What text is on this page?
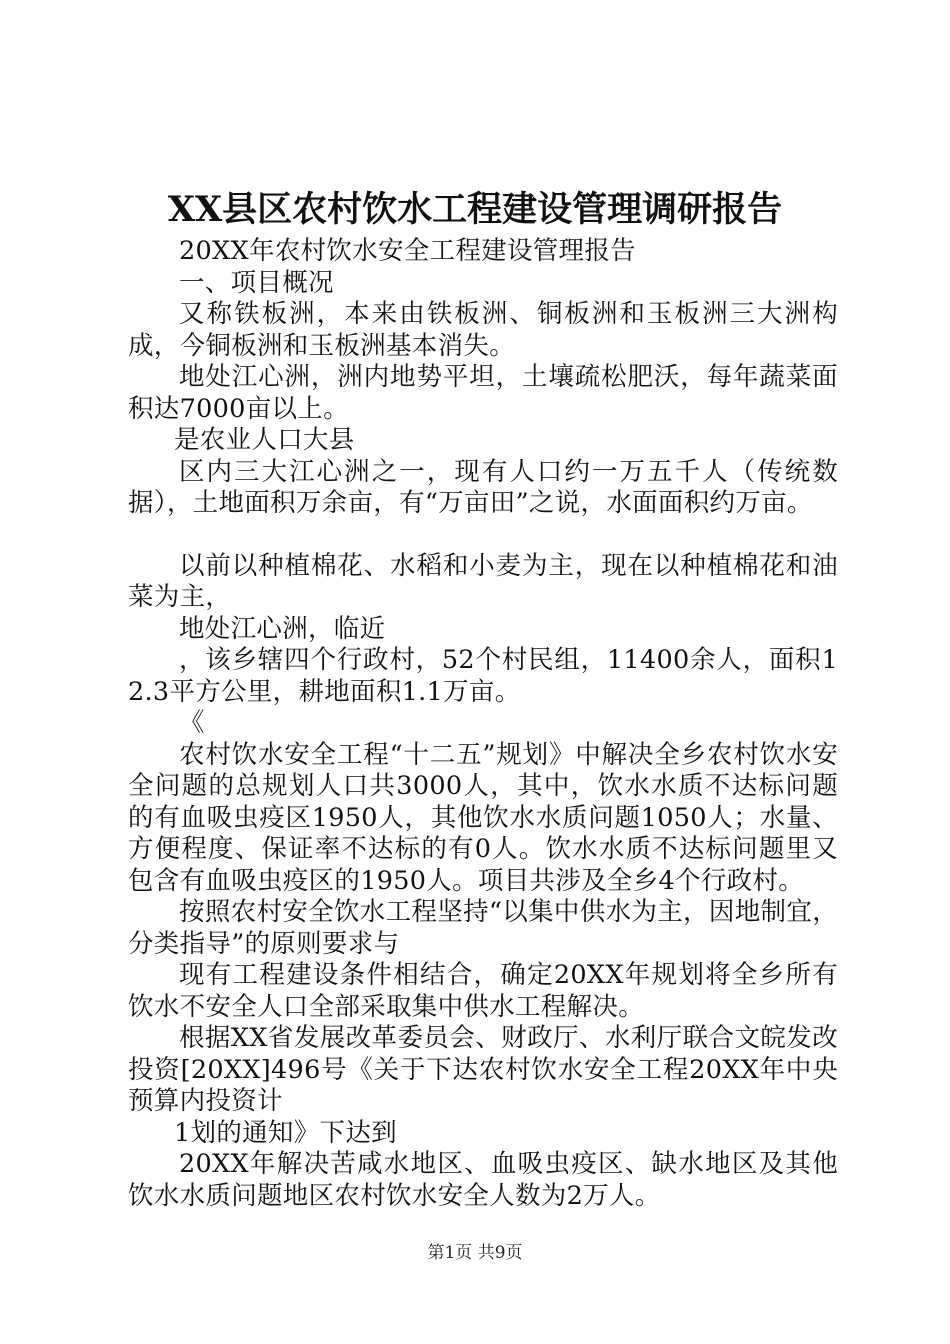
XX县区农村饮水工程建设管理调研报告

20XX年农村饮水安全工程建设管理报告

一、项目概况

又称铁板洲，本来由铁板洲、铜板洲和玉板洲三大洲构成，今铜板洲和玉板洲基本消失。

地处江心洲，洲内地势平坦，土壤疏松肥沃，每年蔬菜面积达7000亩以上。

是农业人口大县

区内三大江心洲之一，现有人口约一万五千人（传统数据），土地面积万余亩，有“万亩田”之说，水面面积约万亩。

以前以种植棉花、水稻和小麦为主，现在以种植棉花和油菜为主，

地处江心洲，临近

，该乡辖四个行政村，52个村民组，11400余人，面积12.3平方公里，耕地面积1.1万亩。

《

农村饮水安全工程“十二五”规划》中解决全乡农村饮水安全问题的总规划人口共3000人，其中，饮水水质不达标问题的有血吸虫疫区1950人，其他饮水水质问题1050人；水量、方便程度、保证率不达标的有0人。饮水水质不达标问题里又包含有血吸虫疫区的1950人。项目共涉及全乡4个行政村。

按照农村安全饮水工程坚持“以集中供水为主，因地制宜，分类指导”的原则要求与

现有工程建设条件相结合，确定20XX年规划将全乡所有饮水不安全人口全部采取集中供水工程解决。

根据XX省发展改革委员会、财政厅、水利厅联合文皖发改投资[20XX]496号《关于下达农村饮水安全工程20XX年中央预算内投资计

1划的通知》下达到

20XX年解决苦咸水地区、血吸虫疫区、缺水地区及其他饮水水质问题地区农村饮水安全人数为2万人。

第1页 共9页
